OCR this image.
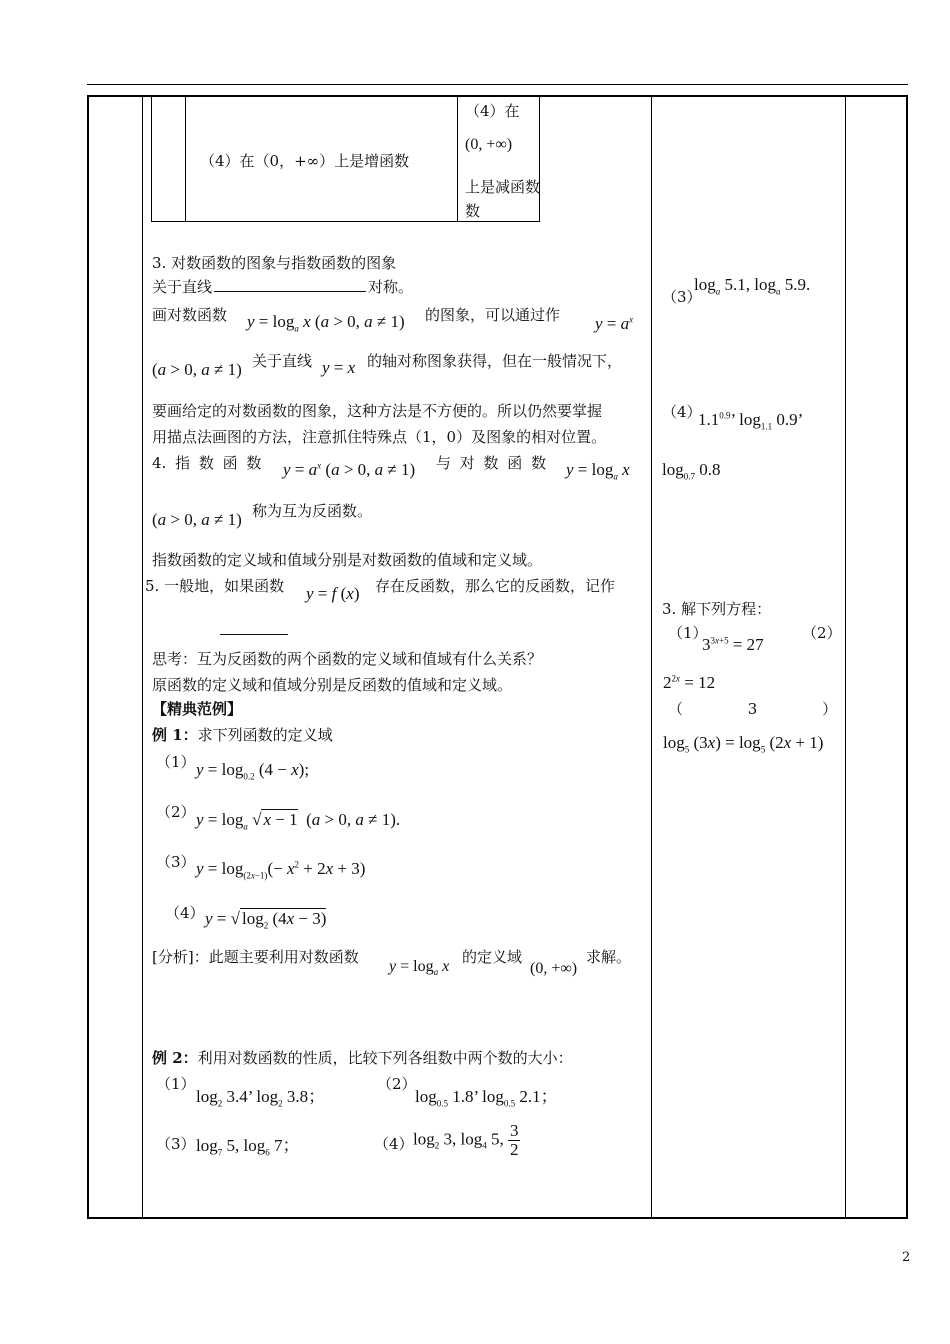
（4）在（0，+∞）上是增函数
（4）在
(0, +∞)
上是减函数
数
3. 对数函数的图象与指数函数的图象
关于直线	对称。
画对数函数 $y = \log_a x$ (a > 0, a ≠ 1) 的图象，可以通过作 $y = a^x$
(a > 0, a ≠ 1) 关于直线 y = x 的轴对称图象获得，但在一般情况下，
要画给定的对数函数的图象，这种方法是不方便的。所以仍然要掌握
用描点法画图的方法，注意抓住特殊点（1，0）及图象的相对位置。
4. 指 数 函 数 $y = a^x$ (a > 0, a ≠ 1) 与 对 数 函 数 $y = \log_a x$
(a > 0, a ≠ 1) 称为互为反函数。
指数函数的定义域和值域分别是对数函数的值域和定义域。
5. 一般地，如果函数 y = f (x) 存在反函数，那么它的反函数，记作
思考：互为反函数的两个函数的定义域和值域有什么关系？
原函数的定义域和值域分别是反函数的值域和定义域。
【精典范例】
例 1：求下列函数的定义域
（1） $y = \log_{0.2} (4 - x)$;
（2） $y = \log_a$ √ x − 1  (a > 0, a ≠ 1).
（3） $y = \log_{(2x-1)}(- x^2 + 2x + 3)$
（4） y = √ $\log_2 (4x - 3)$
[分析]：此题主要利用对数函数
$y = \log_a x$
的定义域
(0, +∞)
求解。
例 2：利用对数函数的性质，比较下列各组数中两个数的大小：
（1）
$\log_2 3.4$’ $\log_2 3.8$；
（2）
$\log_{0.5} 1.8$’ $\log_{0.5} 2.1$；
（3） $\log_7 5$, $\log_6 7$；	（4） $\log_2 3$, $\log_4 5$, $\frac{3}{2}$
（3）
$\log_a 5.1$, $\log_a 5.9$.
（4）
$1.1^{0.9}$’ $\log_{1.1} 0.9$’
$\log_{0.7} 0.8$
3. 解下列方程：
（1）
$3^{3x+5} = 27$
（2）
$2^{2x} = 12$
（ 3 ）
$\log_5 (3x) = \log_5 (2x + 1)$
2
